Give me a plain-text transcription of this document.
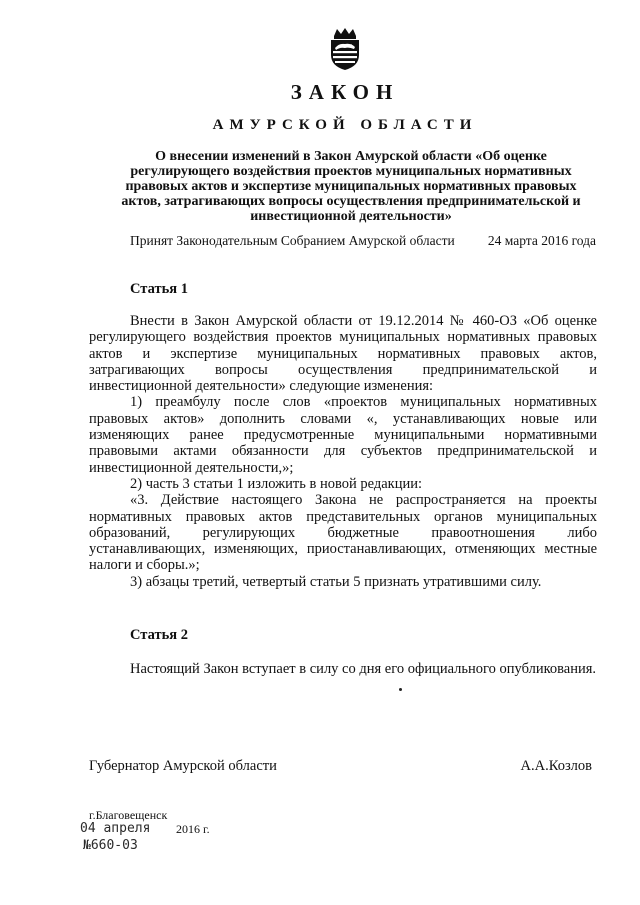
ЗАКОН
АМУРСКОЙ ОБЛАСТИ
О внесении изменений в Закон Амурской области «Об оценке
регулирующего воздействия проектов муниципальных нормативных
правовых актов и экспертизе муниципальных нормативных правовых
актов, затрагивающих вопросы осуществления предпринимательской и
инвестиционной деятельности»
Принят Законодательным Собранием Амурской области 24 марта 2016 года
Статья 1

Внести в Закон Амурской области от 19.12.2014 № 460-ОЗ «Об оценке регулирующего воздействия проектов муниципальных нормативных правовых актов и экспертизе муниципальных нормативных правовых актов, затрагивающих вопросы осуществления предпринимательской и инвестиционной деятельности» следующие изменения:

1) преамбулу после слов «проектов муниципальных нормативных правовых актов» дополнить словами «, устанавливающих новые или изменяющих ранее предусмотренные муниципальными нормативными правовыми актами обязанности для субъектов предпринимательской и инвестиционной деятельности,»;

2) часть 3 статьи 1 изложить в новой редакции:

«3. Действие настоящего Закона не распространяется на проекты нормативных правовых актов представительных органов муниципальных образований, регулирующих бюджетные правоотношения либо устанавливающих, изменяющих, приостанавливающих, отменяющих местные налоги и сборы.»;

3) абзацы третий, четвертый статьи 5 признать утратившими силу.

Статья 2

Настоящий Закон вступает в силу со дня его официального опубликования.

Губернатор Амурской области	А.А.Козлов
г.Благовещенск
04 апреля 2016 г.
№660-03
